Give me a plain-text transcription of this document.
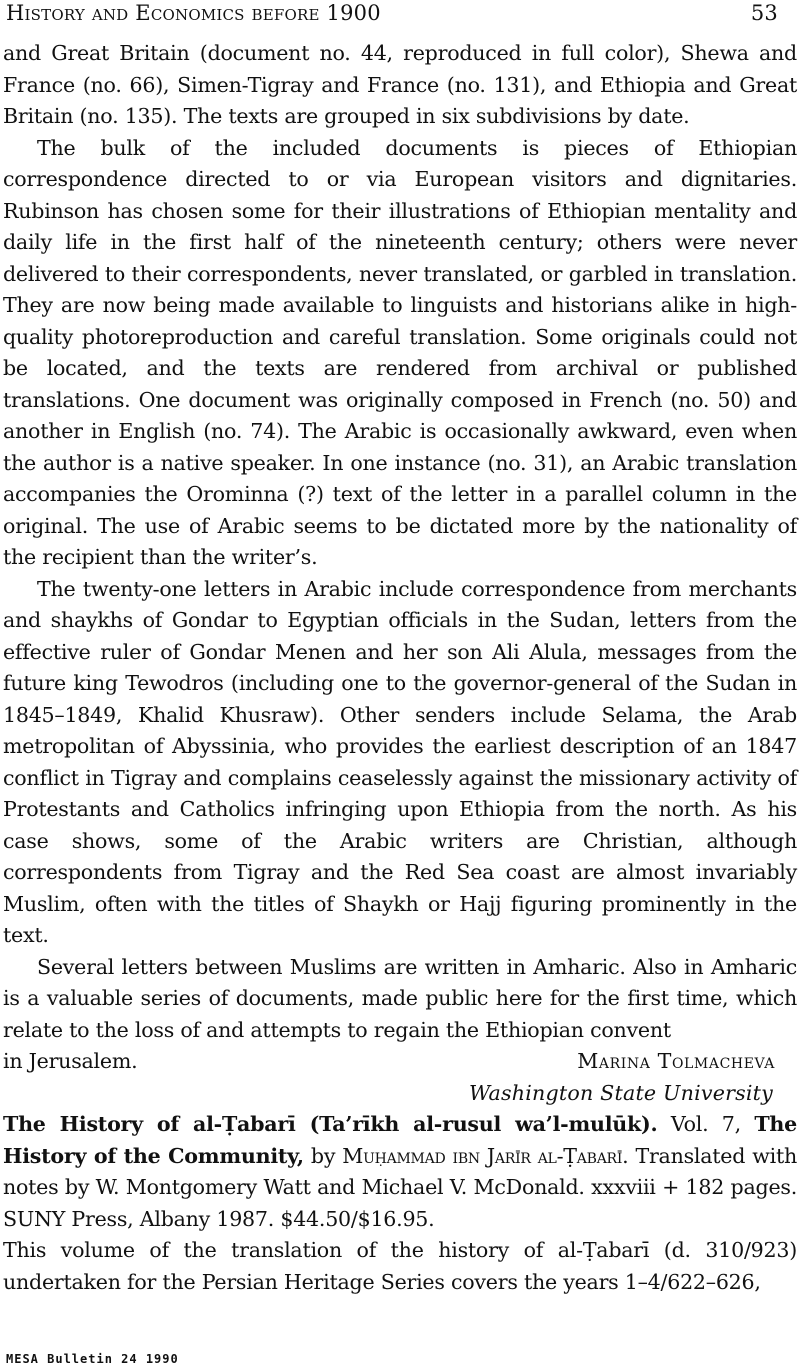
History and Economics before 1900	53

and Great Britain (document no. 44, reproduced in full color), Shewa and France (no. 66), Simen-Tigray and France (no. 131), and Ethiopia and Great Britain (no. 135). The texts are grouped in six subdivisions by date.

The bulk of the included documents is pieces of Ethiopian correspondence directed to or via European visitors and dignitaries. Rubinson has chosen some for their illustrations of Ethiopian mentality and daily life in the first half of the nineteenth century; others were never delivered to their correspondents, never translated, or garbled in translation. They are now being made available to linguists and historians alike in high-quality photoreproduction and careful translation. Some originals could not be located, and the texts are rendered from archival or published translations. One document was originally composed in French (no. 50) and another in English (no. 74). The Arabic is occasionally awkward, even when the author is a native speaker. In one instance (no. 31), an Arabic translation accompanies the Orominna (?) text of the letter in a parallel column in the original. The use of Arabic seems to be dictated more by the nationality of the recipient than the writer’s.

The twenty-one letters in Arabic include correspondence from merchants and shaykhs of Gondar to Egyptian officials in the Sudan, letters from the effective ruler of Gondar Menen and her son Ali Alula, messages from the future king Tewodros (including one to the governor-general of the Sudan in 1845–1849, Khalid Khusraw). Other senders include Selama, the Arab metropolitan of Abyssinia, who provides the earliest description of an 1847 conflict in Tigray and complains ceaselessly against the missionary activity of Protestants and Catholics infringing upon Ethiopia from the north. As his case shows, some of the Arabic writers are Christian, although correspondents from Tigray and the Red Sea coast are almost invariably Muslim, often with the titles of Shaykh or Hajj figuring prominently in the text.

Several letters between Muslims are written in Amharic. Also in Amharic is a valuable series of documents, made public here for the first time, which relate to the loss of and attempts to regain the Ethiopian convent

in Jerusalem.	Marina Tolmacheva
Washington State University

The History of al-Ṭabarī (Ta’rīkh al-rusul wa’l-mulūk). Vol. 7, The History of the Community, by Muḥammad ibn Jarīr al-Ṭabarī. Translated with notes by W. Montgomery Watt and Michael V. McDonald. xxxviii + 182 pages. SUNY Press, Albany 1987. $44.50/$16.95.

This volume of the translation of the history of al-Ṭabarī (d. 310/923) undertaken for the Persian Heritage Series covers the years 1–4/622–626,

MESA Bulletin 24 1990
